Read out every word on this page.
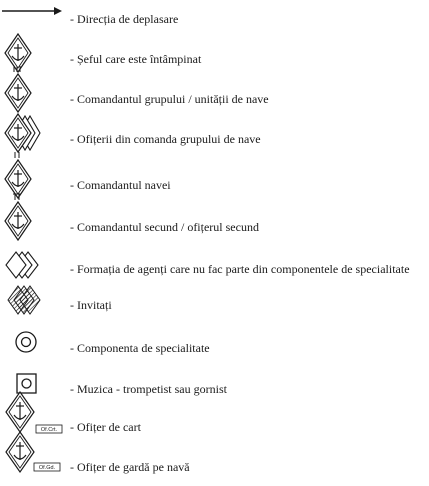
- Direcția de deplasare
- Șeful care este întâmpinat
- Comandantul grupului / unității de nave
- Ofițerii din comanda grupului de nave
- Comandantul navei
- Comandantul secund / ofițerul secund
- Formația de agenți care nu fac parte din componentele de specialitate
- Invitați
- Componenta de specialitate
- Muzica - trompetist sau gornist
Of.Crt.	- Ofițer de cart
Of.Gd.	- Ofițer de gardă pe navă
